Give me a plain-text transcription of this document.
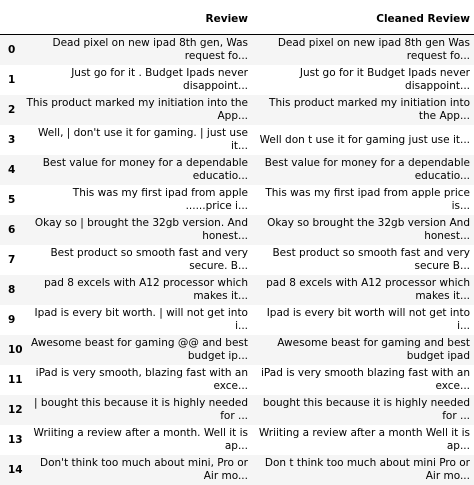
	Review	Cleaned Review
0	Dead pixel on new ipad 8th gen, Was request fo...	Dead pixel on new ipad 8th gen Was request fo...

1	Just go for it . Budget Ipads never disappoint...	Just go for it Budget Ipads never disappoint...

2	This product marked my initiation into the App...	This product marked my initiation into the App...

3	Well, | don't use it for gaming. | just use it...	Well don t use it for gaming just use it...

4	Best value for money for a dependable educatio...	Best value for money for a dependable educatio...

5	This was my first ipad from apple ......price i...	This was my first ipad from apple price is...

6	Okay so | brought the 32gb version. And honest...	Okay so brought the 32gb version And honest...

7	Best product so smooth fast and very secure. B...	Best product so smooth fast and very secure B...

8	pad 8 excels with A12 processor which makes it...	pad 8 excels with A12 processor which makes it...

9	Ipad is every bit worth. | will not get into i...	Ipad is every bit worth will not get into i...

10	Awesome beast for gaming @@ and best budget ip...	Awesome beast for gaming and best budget ipad

11	iPad is very smooth, blazing fast with an exce...	iPad is very smooth blazing fast with an exce...

12	| bought this because it is highly needed for ...	bought this because it is highly needed for ...

13	Wriiting a review after a month. Well it is ap...	Wriiting a review after a month Well it is ap...

14	Don't think too much about mini, Pro or Air mo...	Don t think too much about mini Pro or Air mo...
